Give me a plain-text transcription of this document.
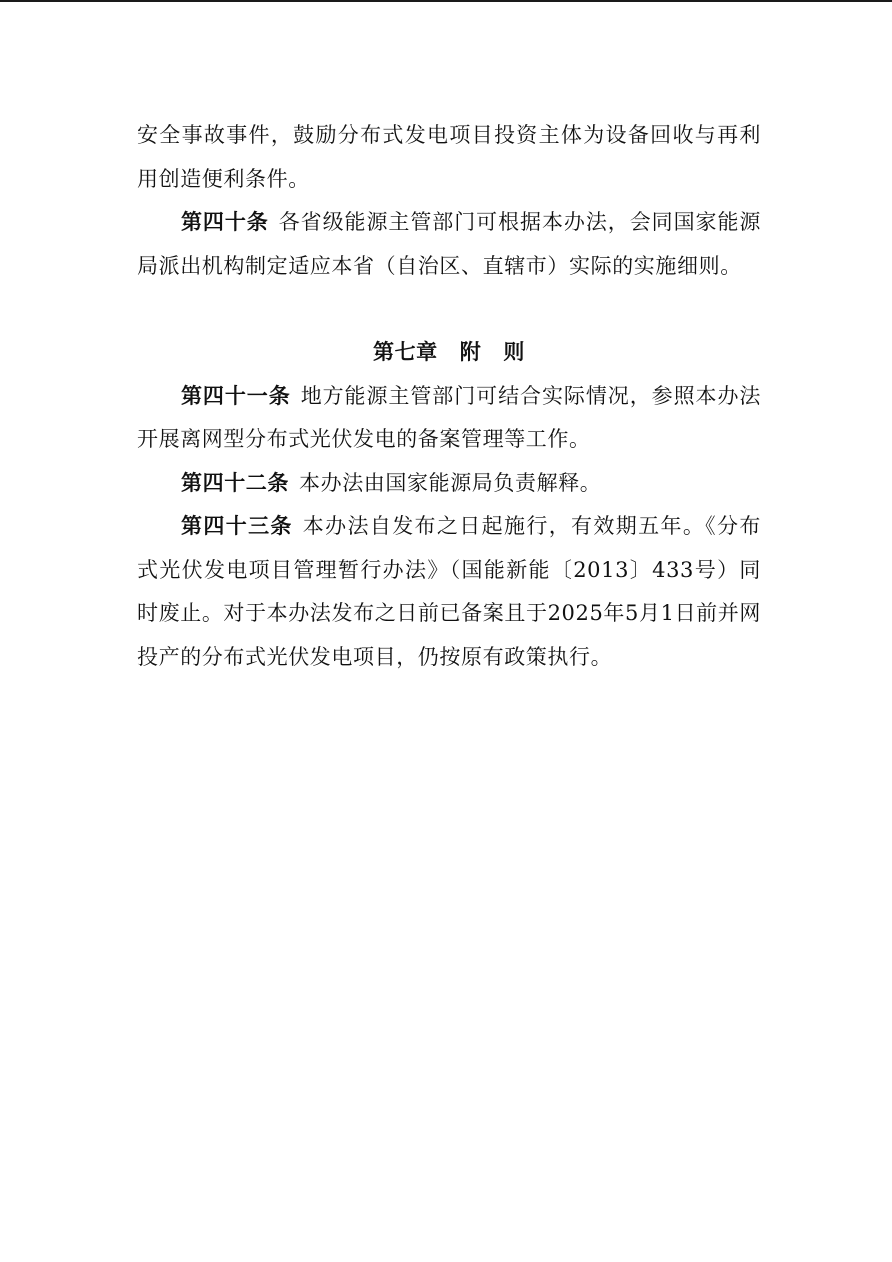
安全事故事件，鼓励分布式发电项目投资主体为设备回收与再利用创造便利条件。

第四十条 各省级能源主管部门可根据本办法，会同国家能源局派出机构制定适应本省（自治区、直辖市）实际的实施细则。

第七章 附 则

第四十一条 地方能源主管部门可结合实际情况，参照本办法开展离网型分布式光伏发电的备案管理等工作。

第四十二条 本办法由国家能源局负责解释。

第四十三条 本办法自发布之日起施行，有效期五年。《分布式光伏发电项目管理暂行办法》（国能新能〔2013〕433号）同时废止。对于本办法发布之日前已备案且于2025年5月1日前并网投产的分布式光伏发电项目，仍按原有政策执行。
